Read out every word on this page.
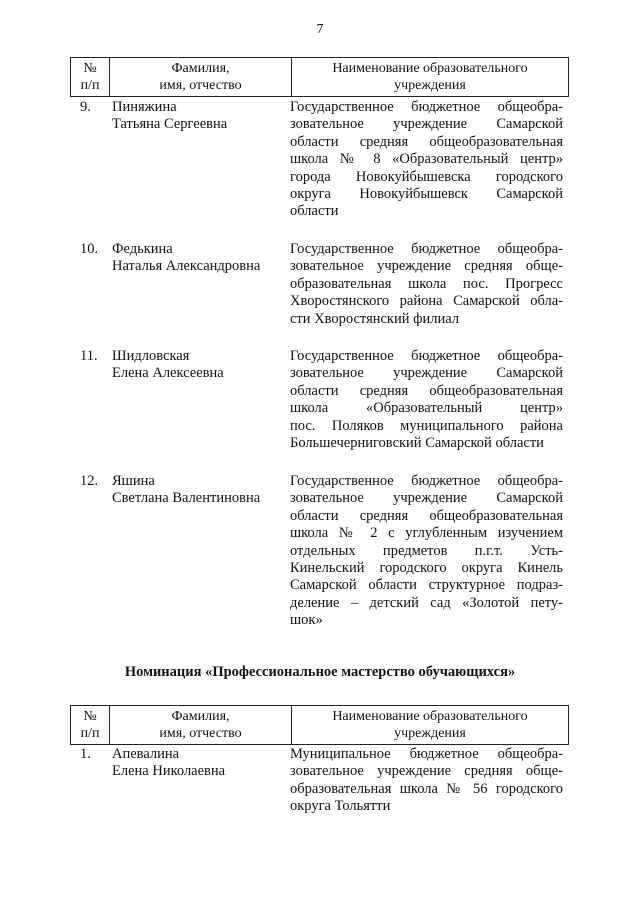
7
№
п/п
Фамилия,
имя, отчество
Наименование образовательного
учреждения
9. Пиняжина
Татьяна Сергеевна
Государственное бюджетное общеобра-
зовательное учреждение Самарской
области средняя общеобразовательная
школа № 8 «Образовательный центр»
города Новокуйбышевска городского
округа Новокуйбышевск Самарской
области
10. Федькина
Наталья Александровна
Государственное бюджетное общеобра-
зовательное учреждение средняя обще-
образовательная школа пос. Прогресс
Хворостянского района Самарской обла-
сти Хворостянский филиал
11. Шидловская
Елена Алексеевна
Государственное бюджетное общеобра-
зовательное учреждение Самарской
области средняя общеобразовательная
школа «Образовательный центр»
пос. Поляков муниципального района
Большечерниговский Самарской области
12. Яшина
Светлана Валентиновна
Государственное бюджетное общеобра-
зовательное учреждение Самарской
области средняя общеобразовательная
школа № 2 с углубленным изучением
отдельных предметов п.г.т. Усть-
Кинельский городского округа Кинель
Самарской области структурное подраз-
деление – детский сад «Золотой пету-
шок»
Номинация «Профессиональное мастерство обучающихся»
№
п/п
Фамилия,
имя, отчество
Наименование образовательного
учреждения
1. Апевалина
Елена Николаевна
Муниципальное бюджетное общеобра-
зовательное учреждение средняя обще-
образовательная школа № 56 городского
округа Тольятти
